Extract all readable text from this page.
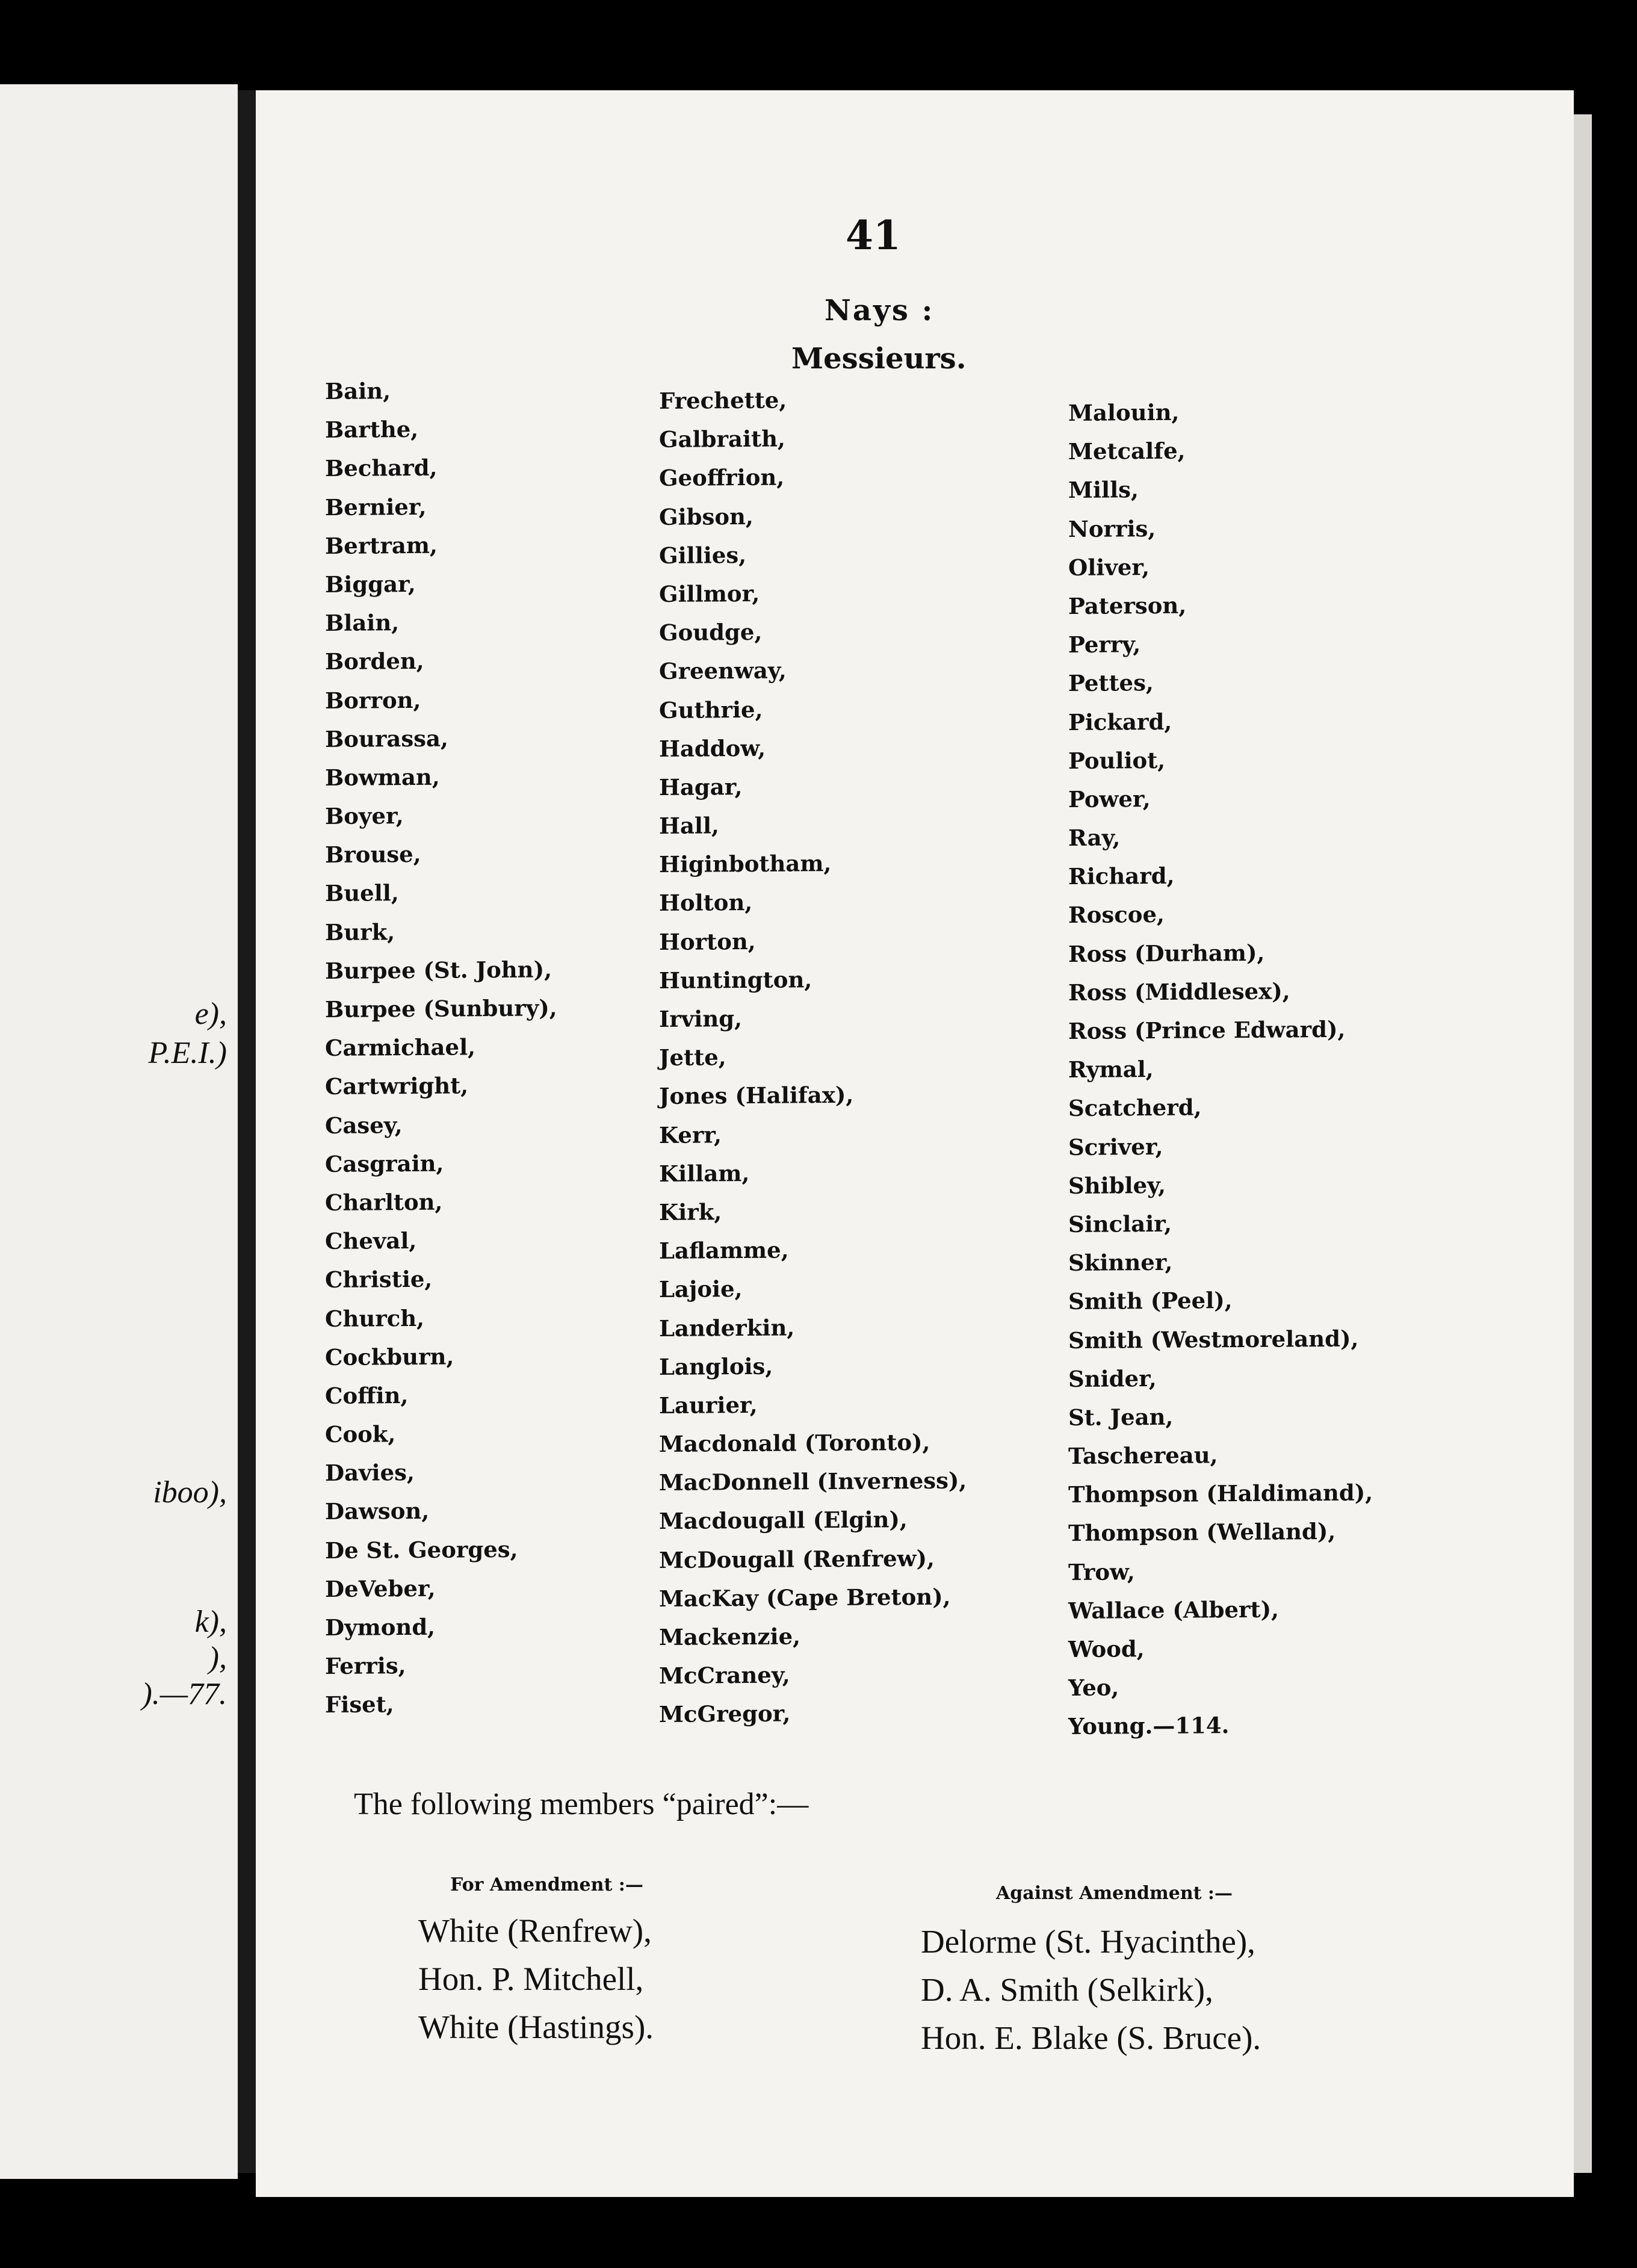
e),
P.E.I.)
iboo),
k),
),
).—77.
41
Nays :
Messieurs.
Bain,
Barthe,
Bechard,
Bernier,
Bertram,
Biggar,
Blain,
Borden,
Borron,
Bourassa,
Bowman,
Boyer,
Brouse,
Buell,
Burk,
Burpee (St. John),
Burpee (Sunbury),
Carmichael,
Cartwright,
Casey,
Casgrain,
Charlton,
Cheval,
Christie,
Church,
Cockburn,
Coffin,
Cook,
Davies,
Dawson,
De St. Georges,
DeVeber,
Dymond,
Ferris,
Fiset,
Frechette,
Galbraith,
Geoffrion,
Gibson,
Gillies,
Gillmor,
Goudge,
Greenway,
Guthrie,
Haddow,
Hagar,
Hall,
Higinbotham,
Holton,
Horton,
Huntington,
Irving,
Jette,
Jones (Halifax),
Kerr,
Killam,
Kirk,
Laflamme,
Lajoie,
Landerkin,
Langlois,
Laurier,
Macdonald (Toronto),
MacDonnell (Inverness),
Macdougall (Elgin),
McDougall (Renfrew),
MacKay (Cape Breton),
Mackenzie,
McCraney,
McGregor,
Malouin,
Metcalfe,
Mills,
Norris,
Oliver,
Paterson,
Perry,
Pettes,
Pickard,
Pouliot,
Power,
Ray,
Richard,
Roscoe,
Ross (Durham),
Ross (Middlesex),
Ross (Prince Edward),
Rymal,
Scatcherd,
Scriver,
Shibley,
Sinclair,
Skinner,
Smith (Peel),
Smith (Westmoreland),
Snider,
St. Jean,
Taschereau,
Thompson (Haldimand),
Thompson (Welland),
Trow,
Wallace (Albert),
Wood,
Yeo,
Young.—114.
The following members “paired”:—
For Amendment :—	Against Amendment :—
White (Renfrew),
Hon. P. Mitchell,
White (Hastings).
Delorme (St. Hyacinthe),
D. A. Smith (Selkirk),
Hon. E. Blake (S. Bruce).
